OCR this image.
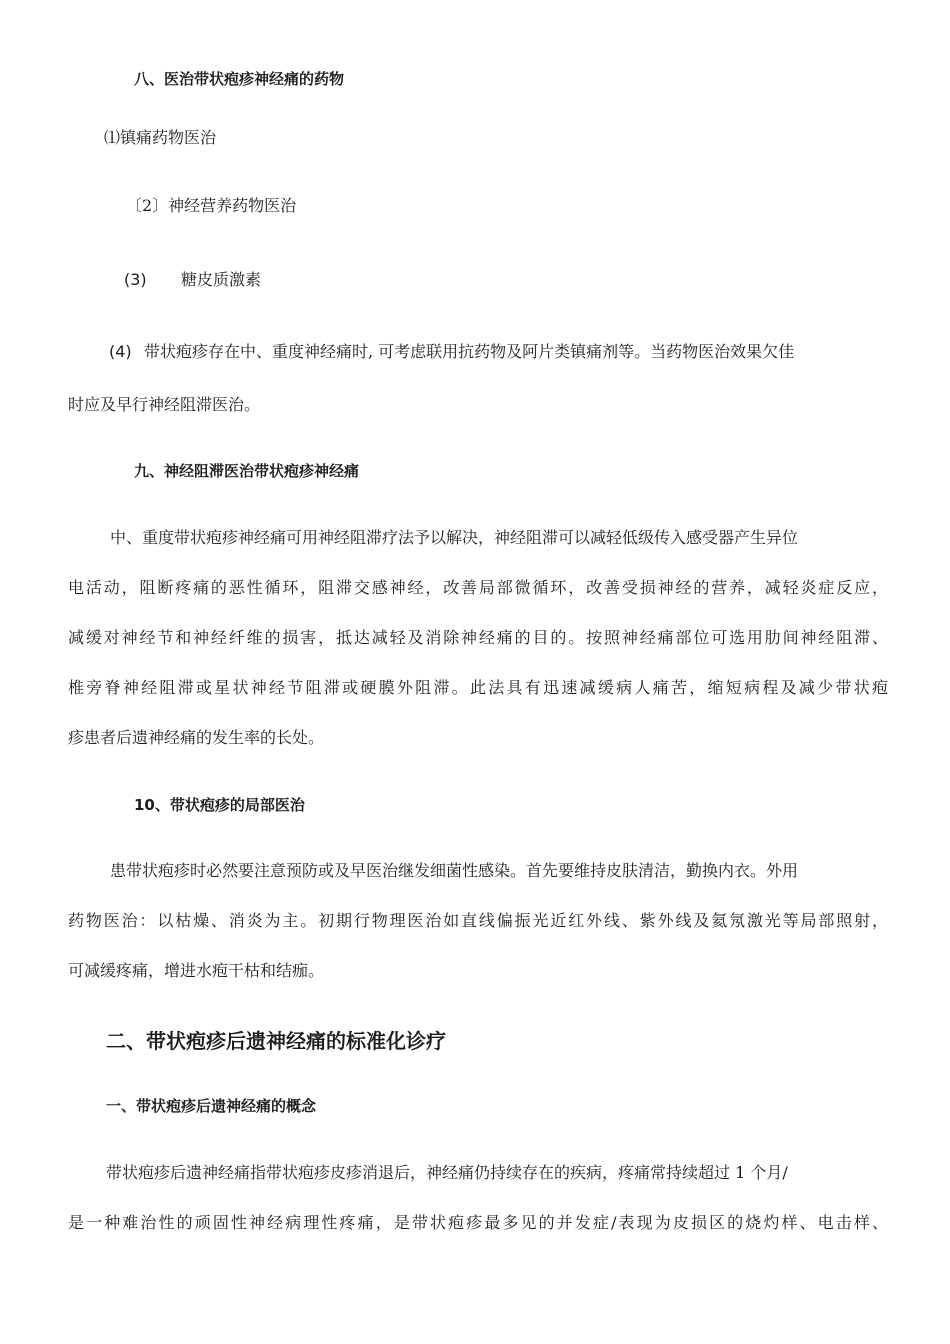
八、医治带状疱疹神经痛的药物
⑴镇痛药物医治
〔2〕神经营养药物医治
(3) 糖皮质激素
(4) 带状疱疹存在中、重度神经痛时, 可考虑联用抗药物及阿片类镇痛剂等。当药物医治效果欠佳
时应及早行神经阻滞医治。
九、神经阻滞医治带状疱疹神经痛
中、重度带状疱疹神经痛可用神经阻滞疗法予以解决，神经阻滞可以减轻低级传入感受器产生异位
电活动，阻断疼痛的恶性循环，阻滞交感神经，改善局部微循环，改善受损神经的营养，减轻炎症反应，
减缓对神经节和神经纤维的损害，抵达减轻及消除神经痛的目的。按照神经痛部位可选用肋间神经阻滞、
椎旁脊神经阻滞或星状神经节阻滞或硬膜外阻滞。此法具有迅速减缓病人痛苦，缩短病程及减少带状疱
疹患者后遗神经痛的发生率的长处。
10、带状疱疹的局部医治
患带状疱疹时必然要注意预防或及早医治继发细菌性感染。首先要维持皮肤清洁，勤换内衣。外用
药物医治：以枯燥、消炎为主。初期行物理医治如直线偏振光近红外线、紫外线及氦氖激光等局部照射，
可减缓疼痛，增进水疱干枯和结痂。
二、带状疱疹后遗神经痛的标准化诊疗
一、带状疱疹后遗神经痛的概念
带状疱疹后遗神经痛指带状疱疹皮疹消退后，神经痛仍持续存在的疾病，疼痛常持续超过 1 个月/
是一种难治性的顽固性神经病理性疼痛，是带状疱疹最多见的并发症/表现为皮损区的烧灼样、电击样、
